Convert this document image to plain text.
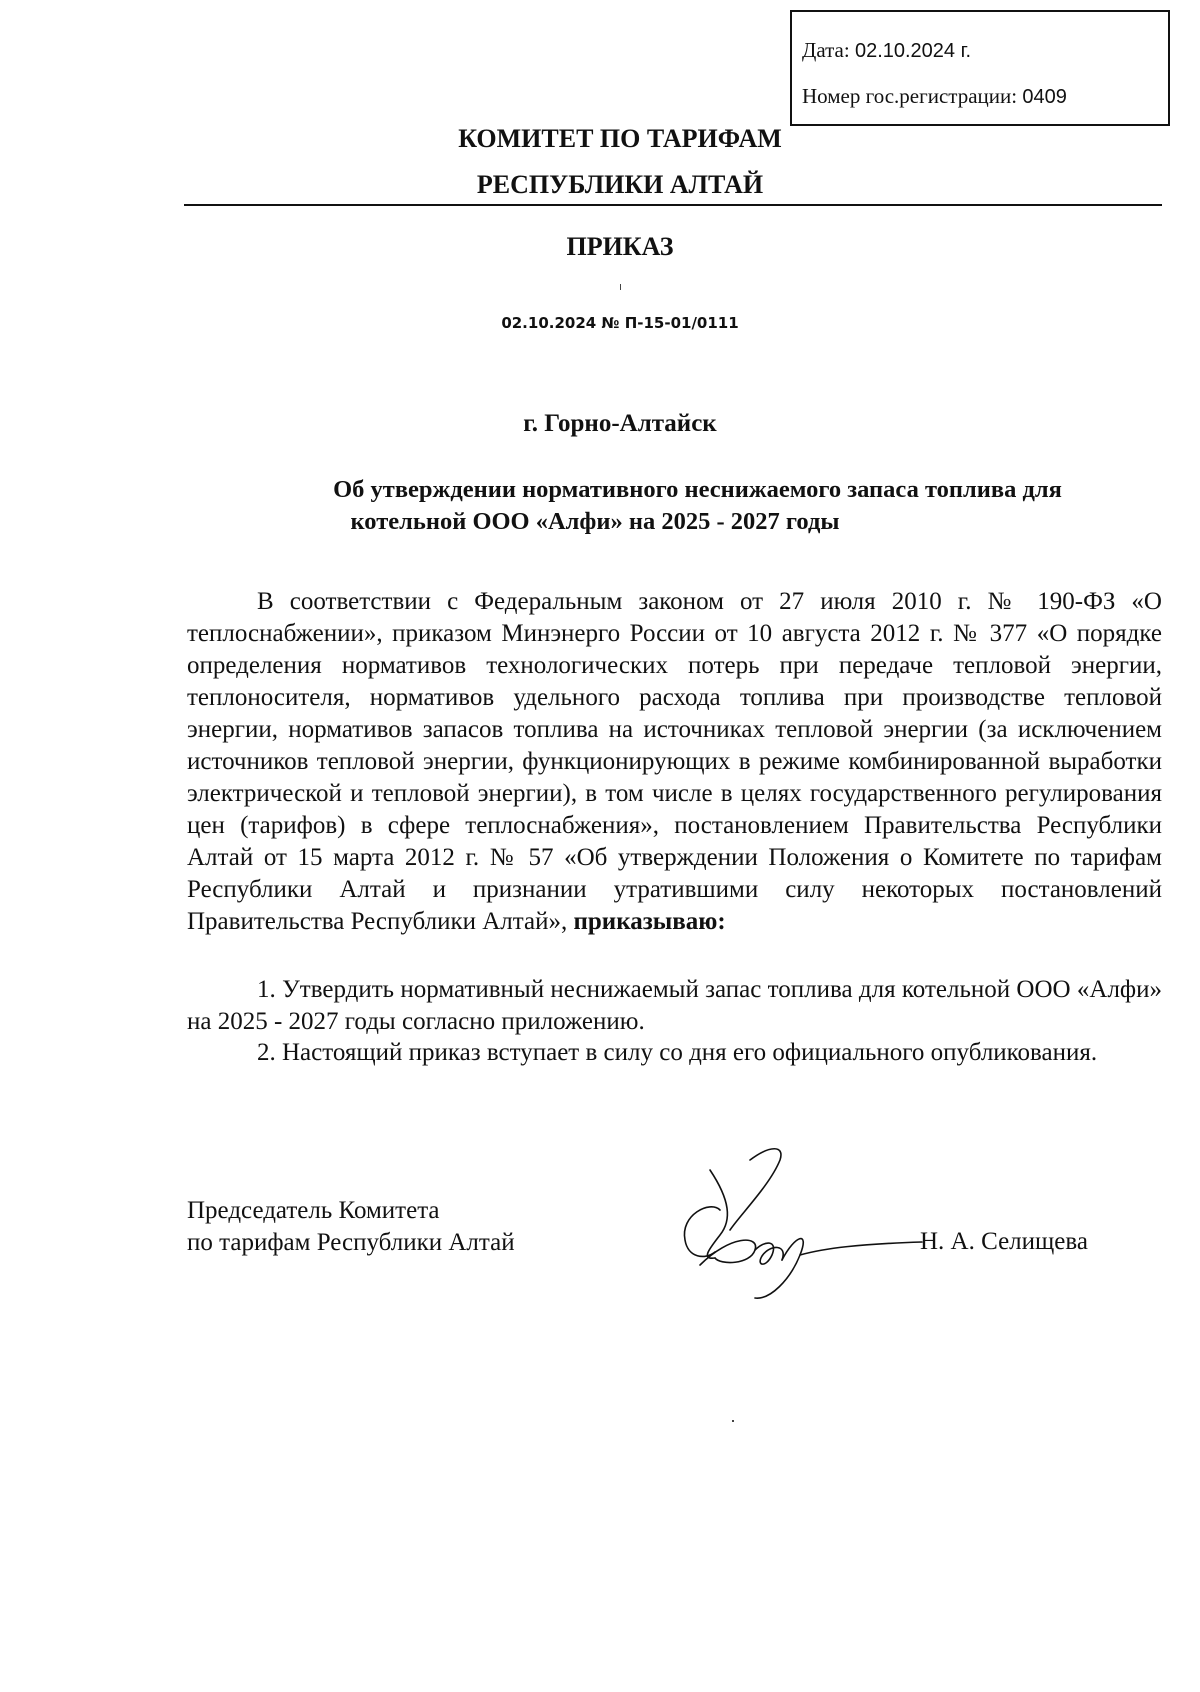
Дата: 02.10.2024 г.
Номер гос.регистрации: 0409
КОМИТЕТ ПО ТАРИФАМ
РЕСПУБЛИКИ АЛТАЙ
ПРИКАЗ
02.10.2024 № П-15-01/0111
г. Горно-Алтайск
Об утверждении нормативного неснижаемого запаса топлива для
котельной ООО «Алфи» на 2025 - 2027 годы
В соответствии с Федеральным законом от 27 июля 2010 г. № 190-ФЗ «О теплоснабжении», приказом Минэнерго России от 10 августа 2012 г. № 377 «О порядке определения нормативов технологических потерь при передаче тепловой энергии, теплоносителя, нормативов удельного расхода топлива при производстве тепловой энергии, нормативов запасов топлива на источниках тепловой энергии (за исключением источников тепловой энергии, функционирующих в режиме комбинированной выработки электрической и тепловой энергии), в том числе в целях государственного регулирования цен (тарифов) в сфере теплоснабжения», постановлением Правительства Республики Алтай от 15 марта 2012 г. № 57 «Об утверждении Положения о Комитете по тарифам Республики Алтай и признании утратившими силу некоторых постановлений Правительства Республики Алтай», приказываю:
1. Утвердить нормативный неснижаемый запас топлива для котельной ООО «Алфи» на 2025 - 2027 годы согласно приложению.
2. Настоящий приказ вступает в силу со дня его официального опубликования.
Председатель Комитета
по тарифам Республики Алтай	Н. А. Селищева
